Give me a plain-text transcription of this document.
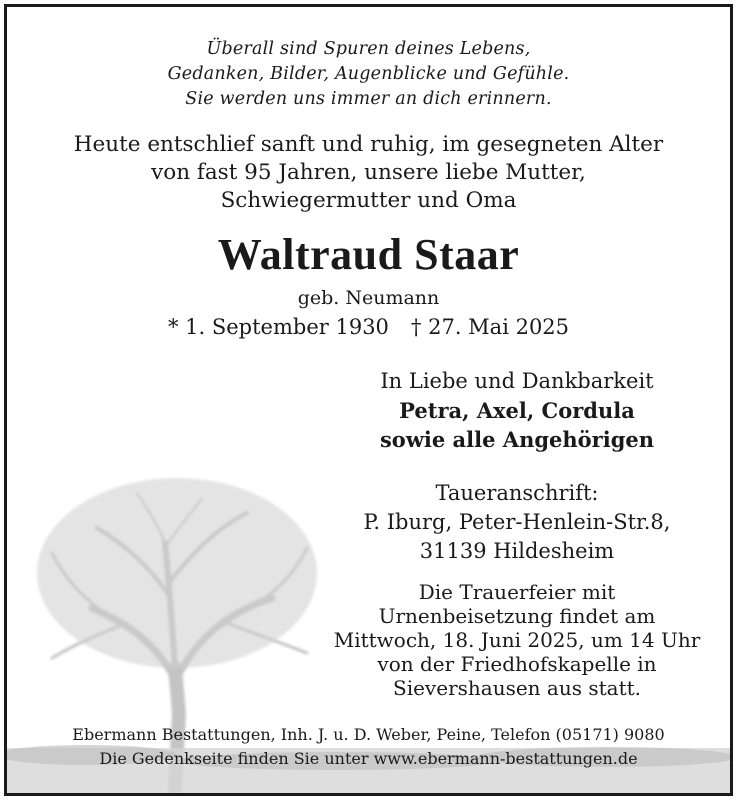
Überall sind Spuren deines Lebens,
Gedanken, Bilder, Augenblicke und Gefühle.
Sie werden uns immer an dich erinnern.
Heute entschlief sanft und ruhig, im gesegneten Alter
von fast 95 Jahren, unsere liebe Mutter,
Schwiegermutter und Oma
Waltraud Staar
geb. Neumann
* 1. September 1930 † 27. Mai 2025
In Liebe und Dankbarkeit
Petra, Axel, Cordula
sowie alle Angehörigen
Taueranschrift:
P. Iburg, Peter-Henlein-Str.8,
31139 Hildesheim
Die Trauerfeier mit
Urnenbeisetzung findet am
Mittwoch, 18. Juni 2025, um 14 Uhr
von der Friedhofskapelle in
Sievershausen aus statt.
Ebermann Bestattungen, Inh. J. u. D. Weber, Peine, Telefon (05171) 9080
Die Gedenkseite finden Sie unter www.ebermann-bestattungen.de
